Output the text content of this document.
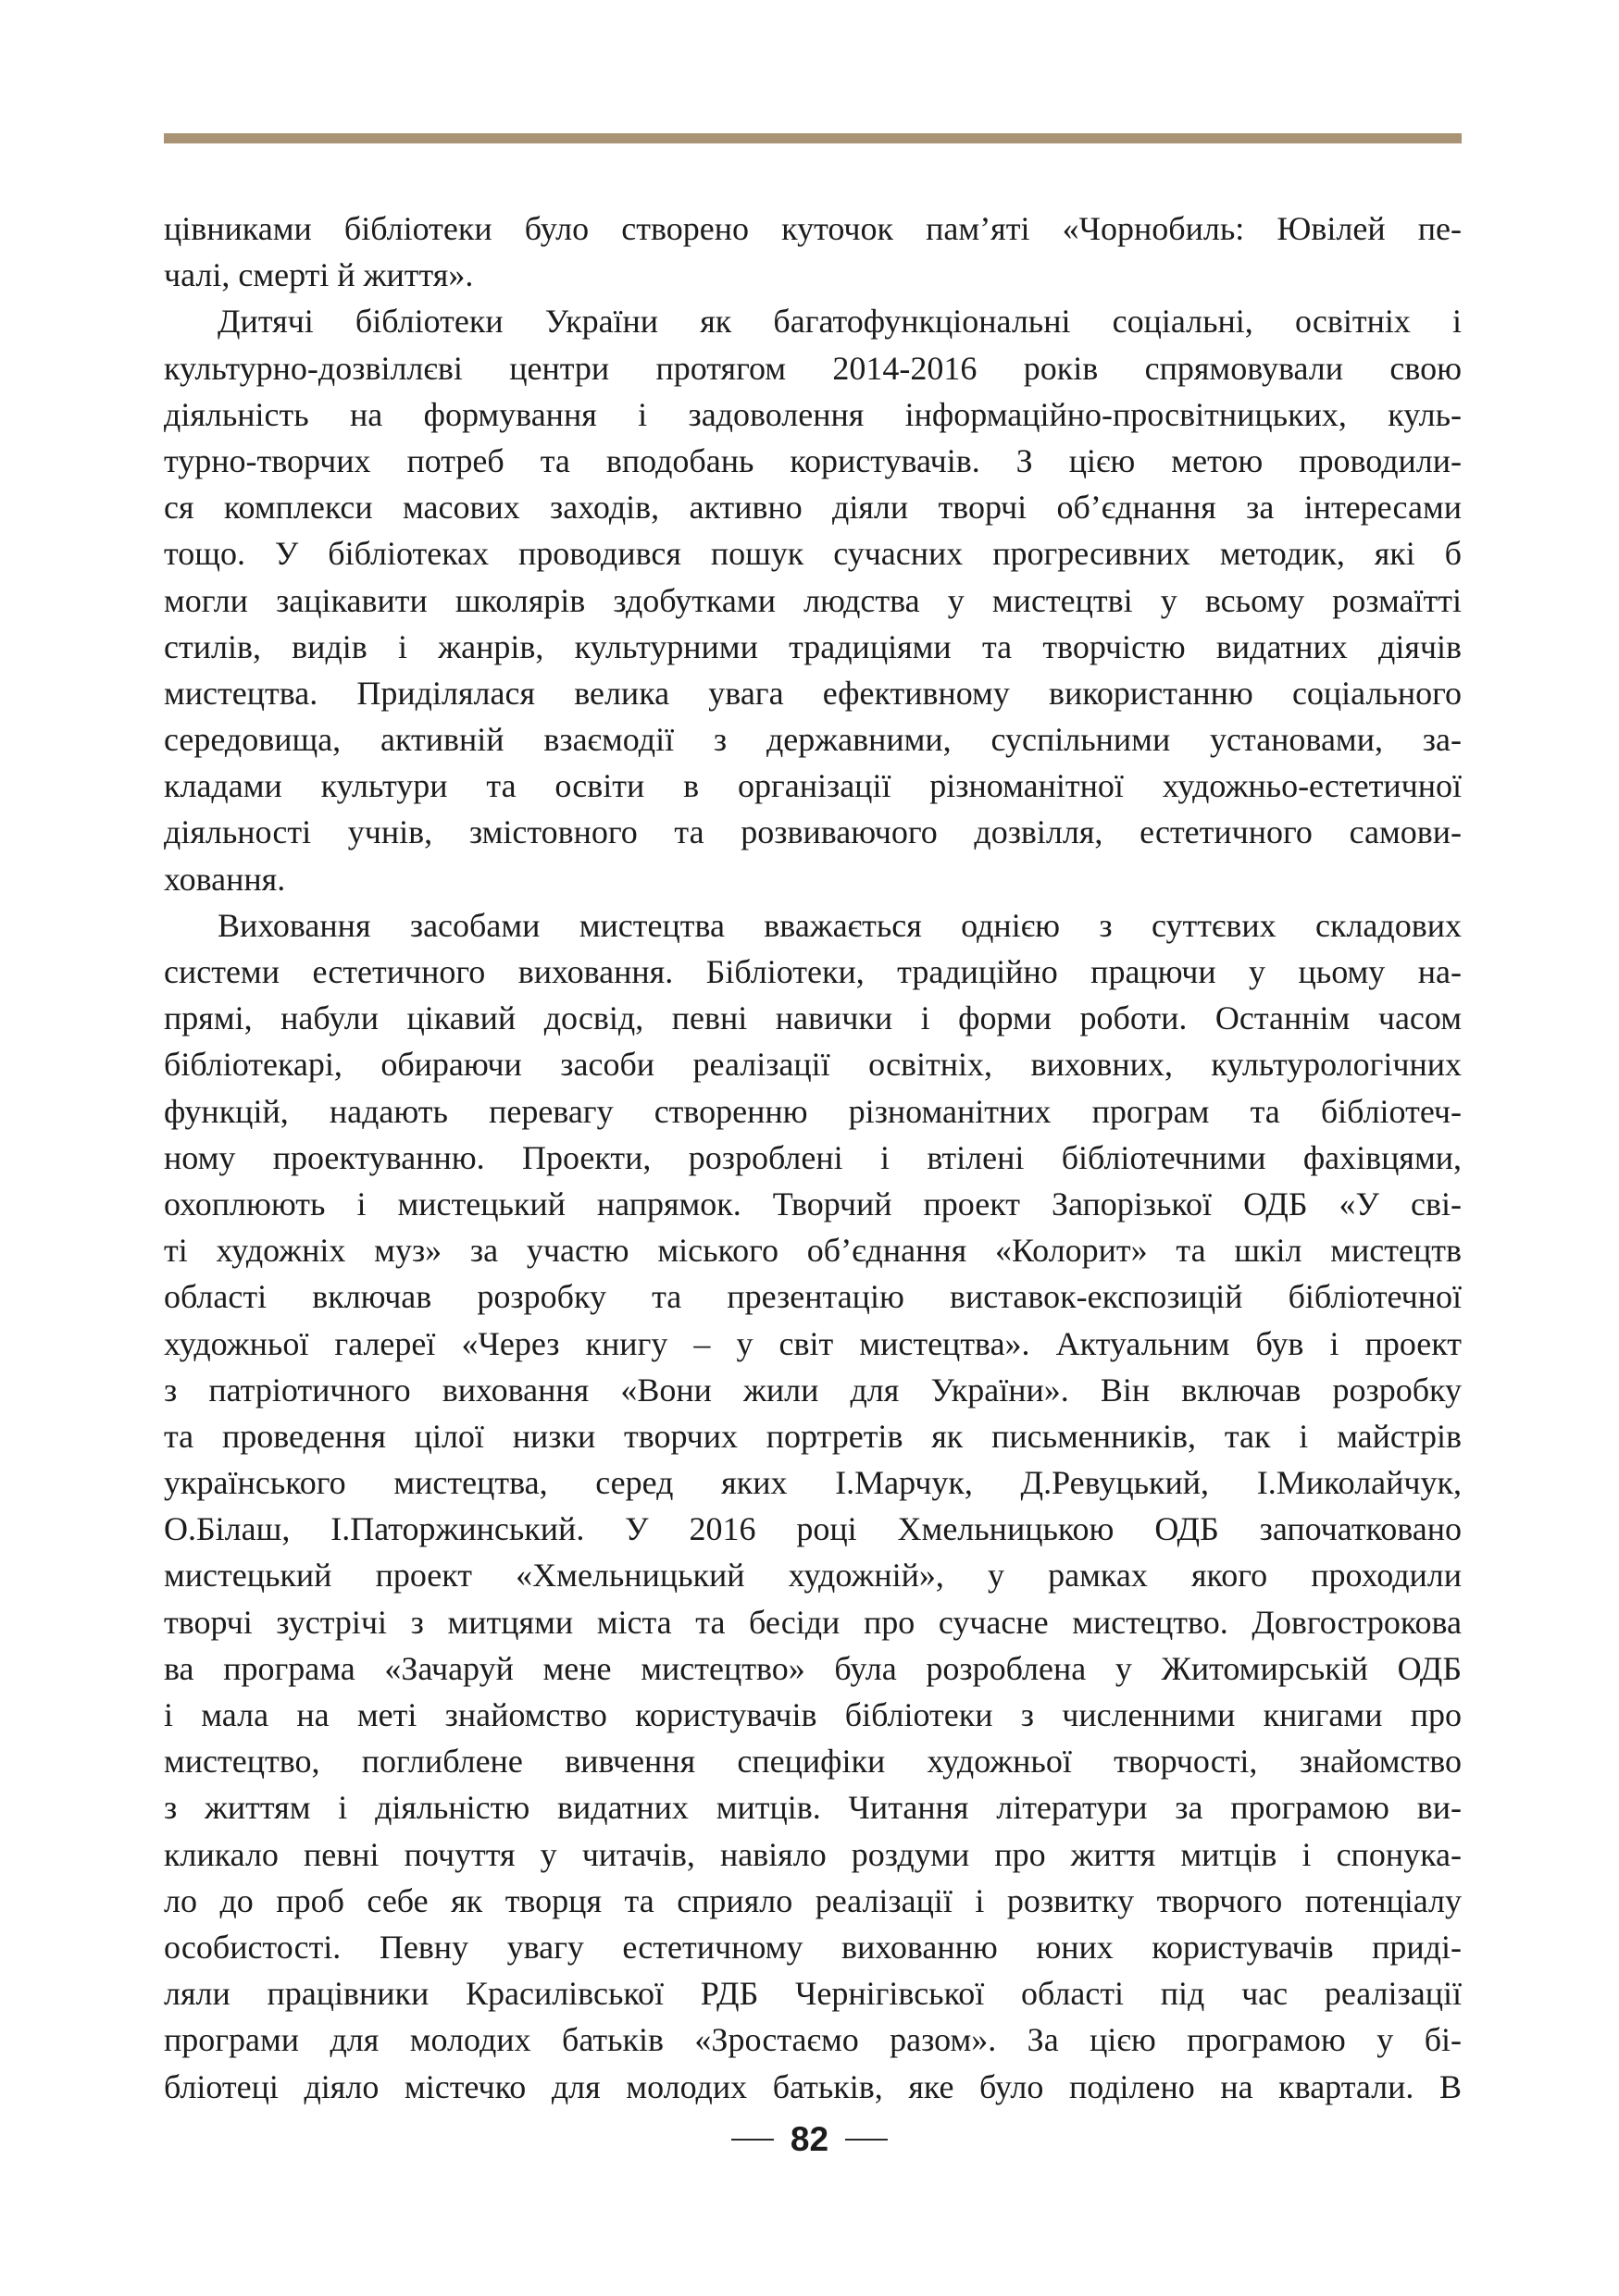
цівниками бібліотеки було створено куточок пам’яті «Чорнобиль: Ювілей пе-
чалі, смерті й життя».
Дитячі бібліотеки України як багатофункціональні соціальні, освітніх і
культурно-дозвіллєві центри протягом 2014-2016 років спрямовували свою
діяльність на формування і задоволення інформаційно-просвітницьких, куль-
турно-творчих потреб та вподобань користувачів. З цією метою проводили-
ся комплекси масових заходів, активно діяли творчі об’єднання за інтересами
тощо. У бібліотеках проводився пошук сучасних прогресивних методик, які б
могли зацікавити школярів здобутками людства у мистецтві у всьому розмаїтті
стилів, видів і жанрів, культурними традиціями та творчістю видатних діячів
мистецтва. Приділялася велика увага ефективному використанню соціального
середовища, активній взаємодії з державними, суспільними установами, за-
кладами культури та освіти в організації різноманітної художньо-естетичної
діяльності учнів, змістовного та розвиваючого дозвілля, естетичного самови-
ховання.
Виховання засобами мистецтва вважається однією з суттєвих складових
системи естетичного виховання. Бібліотеки, традиційно працючи у цьому на-
прямі, набули цікавий досвід, певні навички і форми роботи. Останнім часом
бібліотекарі, обираючи засоби реалізації освітніх, виховних, культурологічних
функцій, надають перевагу створенню різноманітних програм та бібліотеч-
ному проектуванню. Проекти, розроблені і втілені бібліотечними фахівцями,
охоплюють і мистецький напрямок. Творчий проект Запорізької ОДБ «У сві-
ті художніх муз» за участю міського об’єднання «Колорит» та шкіл мистецтв
області включав розробку та презентацію виставок-експозицій бібліотечної
художньої галереї «Через книгу – у світ мистецтва». Актуальним був і проект
з патріотичного виховання «Вони жили для України». Він включав розробку
та проведення цілої низки творчих портретів як письменників, так і майстрів
українського мистецтва, серед яких І.Марчук, Д.Ревуцький, І.Миколайчук,
О.Білаш, І.Паторжинський. У 2016 році Хмельницькою ОДБ започатковано
мистецький проект «Хмельницький художній», у рамках якого проходили
творчі зустрічі з митцями міста та бесіди про сучасне мистецтво. Довгострокова
ва програма «Зачаруй мене мистецтво» була розроблена у Житомирській ОДБ
і мала на меті знайомство користувачів бібліотеки з численними книгами про
мистецтво, поглиблене вивчення специфіки художньої творчості, знайомство
з життям і діяльністю видатних митців. Читання літератури за програмою ви-
кликало певні почуття у читачів, навіяло роздуми про життя митців і спонука-
ло до проб себе як творця та сприяло реалізації і розвитку творчого потенціалу
особистості. Певну увагу естетичному вихованню юних користувачів приді-
ляли працівники Красилівської РДБ Чернігівської області під час реалізації
програми для молодих батьків «Зростаємо разом». За цією програмою у бі-
бліотеці діяло містечко для молодих батьків, яке було поділено на квартали. В
82
